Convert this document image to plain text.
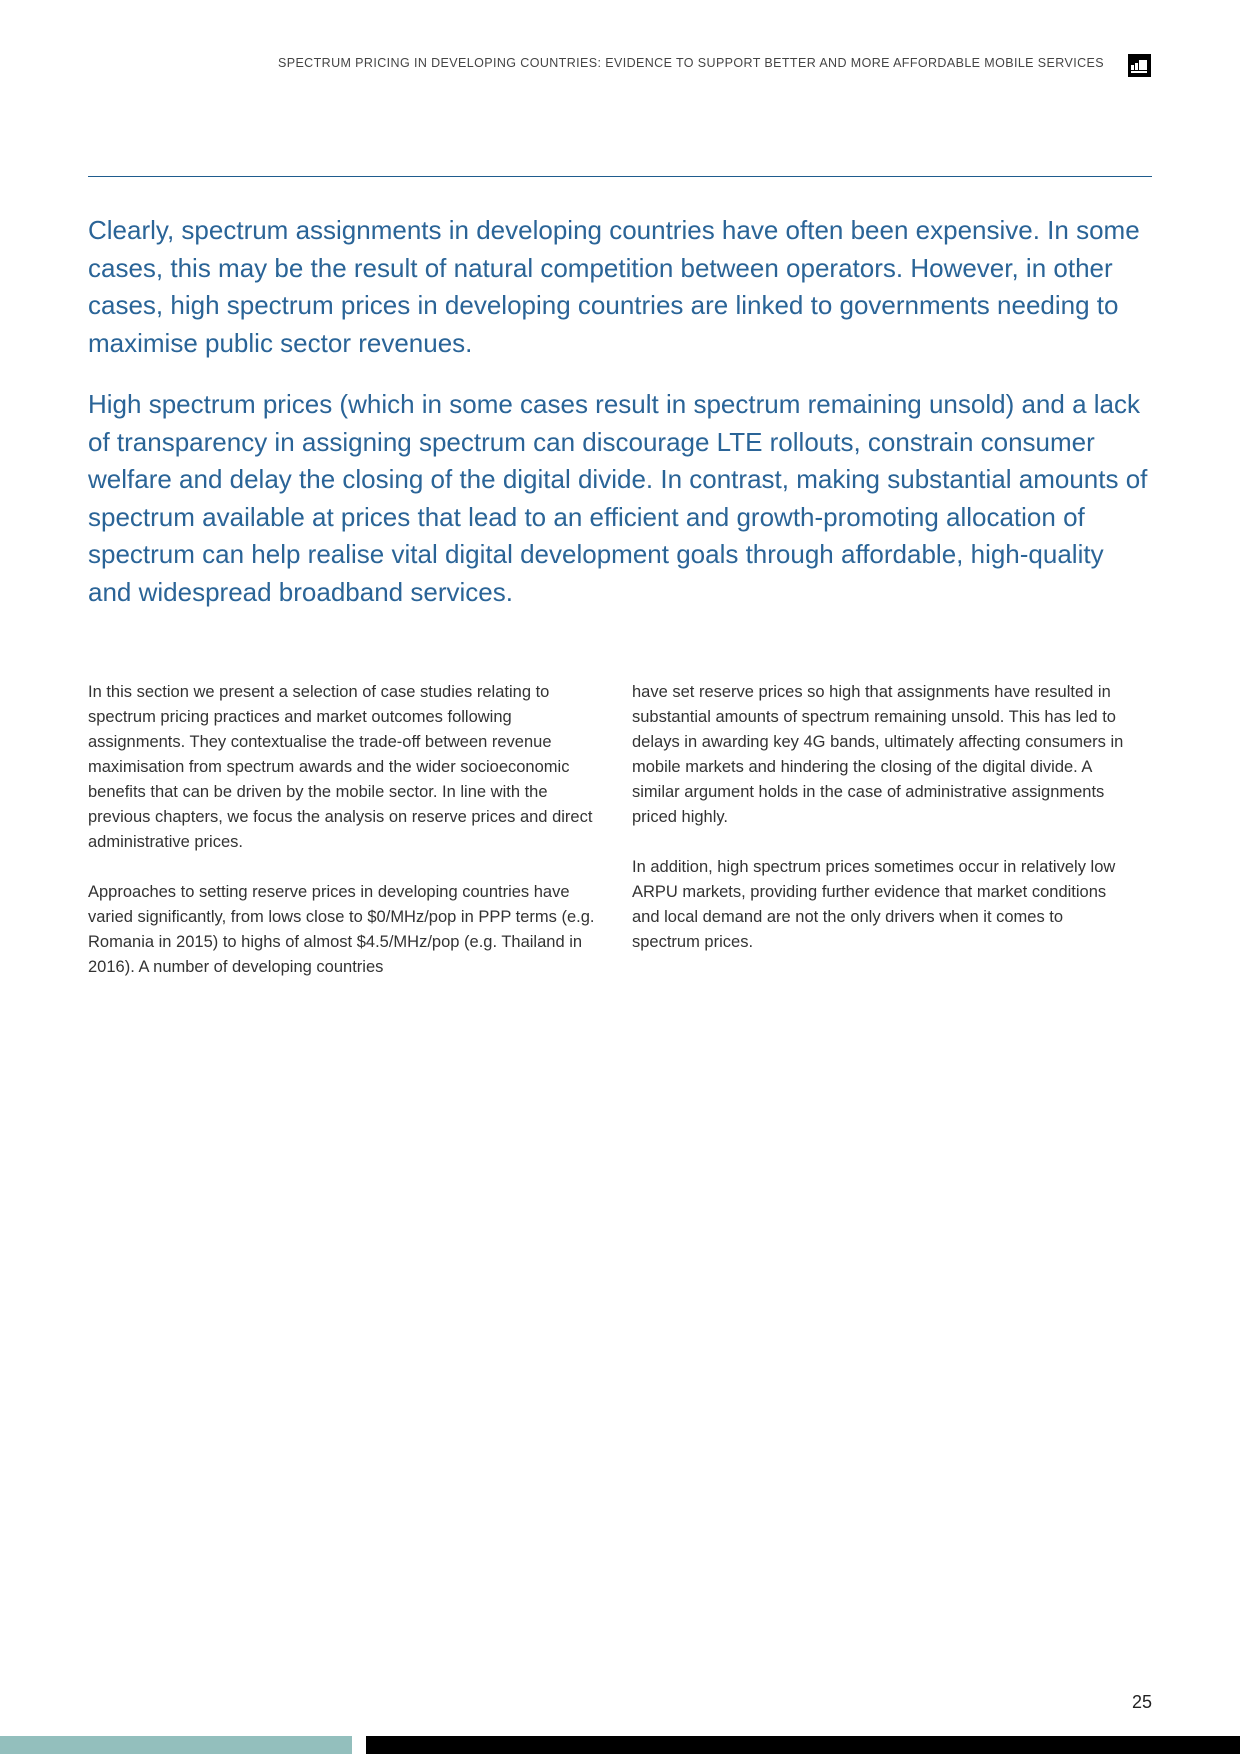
SPECTRUM PRICING IN DEVELOPING COUNTRIES: EVIDENCE TO SUPPORT BETTER AND MORE AFFORDABLE MOBILE SERVICES

Clearly, spectrum assignments in developing countries have often been expensive. In some cases, this may be the result of natural competition between operators. However, in other cases, high spectrum prices in developing countries are linked to governments needing to maximise public sector revenues.

High spectrum prices (which in some cases result in spectrum remaining unsold) and a lack of transparency in assigning spectrum can discourage LTE rollouts, constrain consumer welfare and delay the closing of the digital divide. In contrast, making substantial amounts of spectrum available at prices that lead to an efficient and growth-promoting allocation of spectrum can help realise vital digital development goals through affordable, high-quality and widespread broadband services.

In this section we present a selection of case studies relating to spectrum pricing practices and market outcomes following assignments. They contextualise the trade-off between revenue maximisation from spectrum awards and the wider socioeconomic benefits that can be driven by the mobile sector. In line with the previous chapters, we focus the analysis on reserve prices and direct administrative prices.

Approaches to setting reserve prices in developing countries have varied significantly, from lows close to $0/MHz/pop in PPP terms (e.g. Romania in 2015) to highs of almost $4.5/MHz/pop (e.g. Thailand in 2016). A number of developing countries

have set reserve prices so high that assignments have resulted in substantial amounts of spectrum remaining unsold. This has led to delays in awarding key 4G bands, ultimately affecting consumers in mobile markets and hindering the closing of the digital divide. A similar argument holds in the case of administrative assignments priced highly.

In addition, high spectrum prices sometimes occur in relatively low ARPU markets, providing further evidence that market conditions and local demand are not the only drivers when it comes to spectrum prices.

25
